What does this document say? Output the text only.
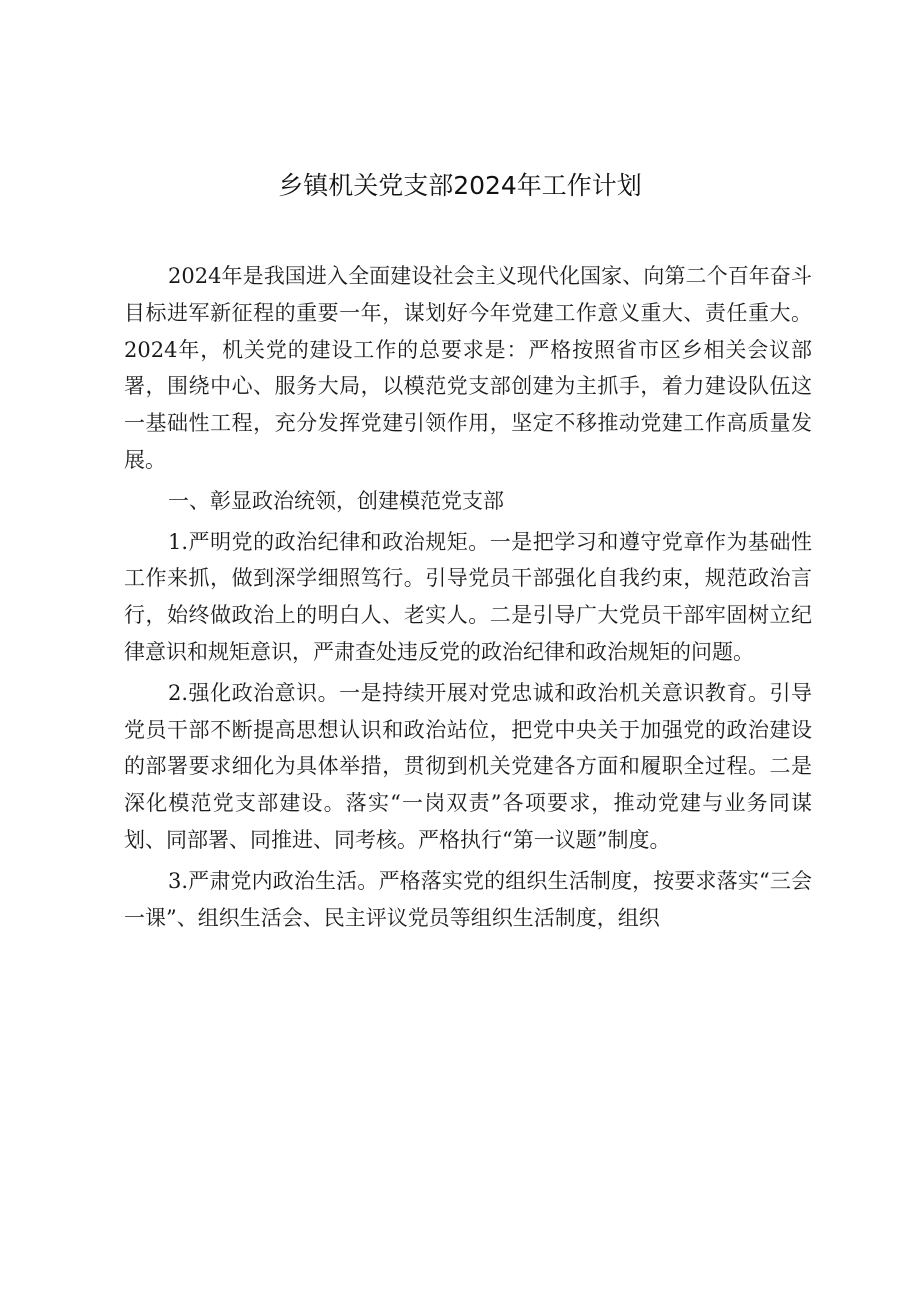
乡镇机关党支部2024年工作计划

2024年是我国进入全面建设社会主义现代化国家、向第二个百年奋斗目标进军新征程的重要一年，谋划好今年党建工作意义重大、责任重大。2024年，机关党的建设工作的总要求是：严格按照省市区乡相关会议部署，围绕中心、服务大局，以模范党支部创建为主抓手，着力建设队伍这一基础性工程，充分发挥党建引领作用，坚定不移推动党建工作高质量发展。

一、彰显政治统领，创建模范党支部

1.严明党的政治纪律和政治规矩。一是把学习和遵守党章作为基础性工作来抓，做到深学细照笃行。引导党员干部强化自我约束，规范政治言行，始终做政治上的明白人、老实人。二是引导广大党员干部牢固树立纪律意识和规矩意识，严肃查处违反党的政治纪律和政治规矩的问题。

2.强化政治意识。一是持续开展对党忠诚和政治机关意识教育。引导党员干部不断提高思想认识和政治站位，把党中央关于加强党的政治建设的部署要求细化为具体举措，贯彻到机关党建各方面和履职全过程。二是深化模范党支部建设。落实“一岗双责”各项要求，推动党建与业务同谋划、同部署、同推进、同考核。严格执行“第一议题”制度。

3.严肃党内政治生活。严格落实党的组织生活制度，按要求落实“三会一课”、组织生活会、民主评议党员等组织生活制度，组织
